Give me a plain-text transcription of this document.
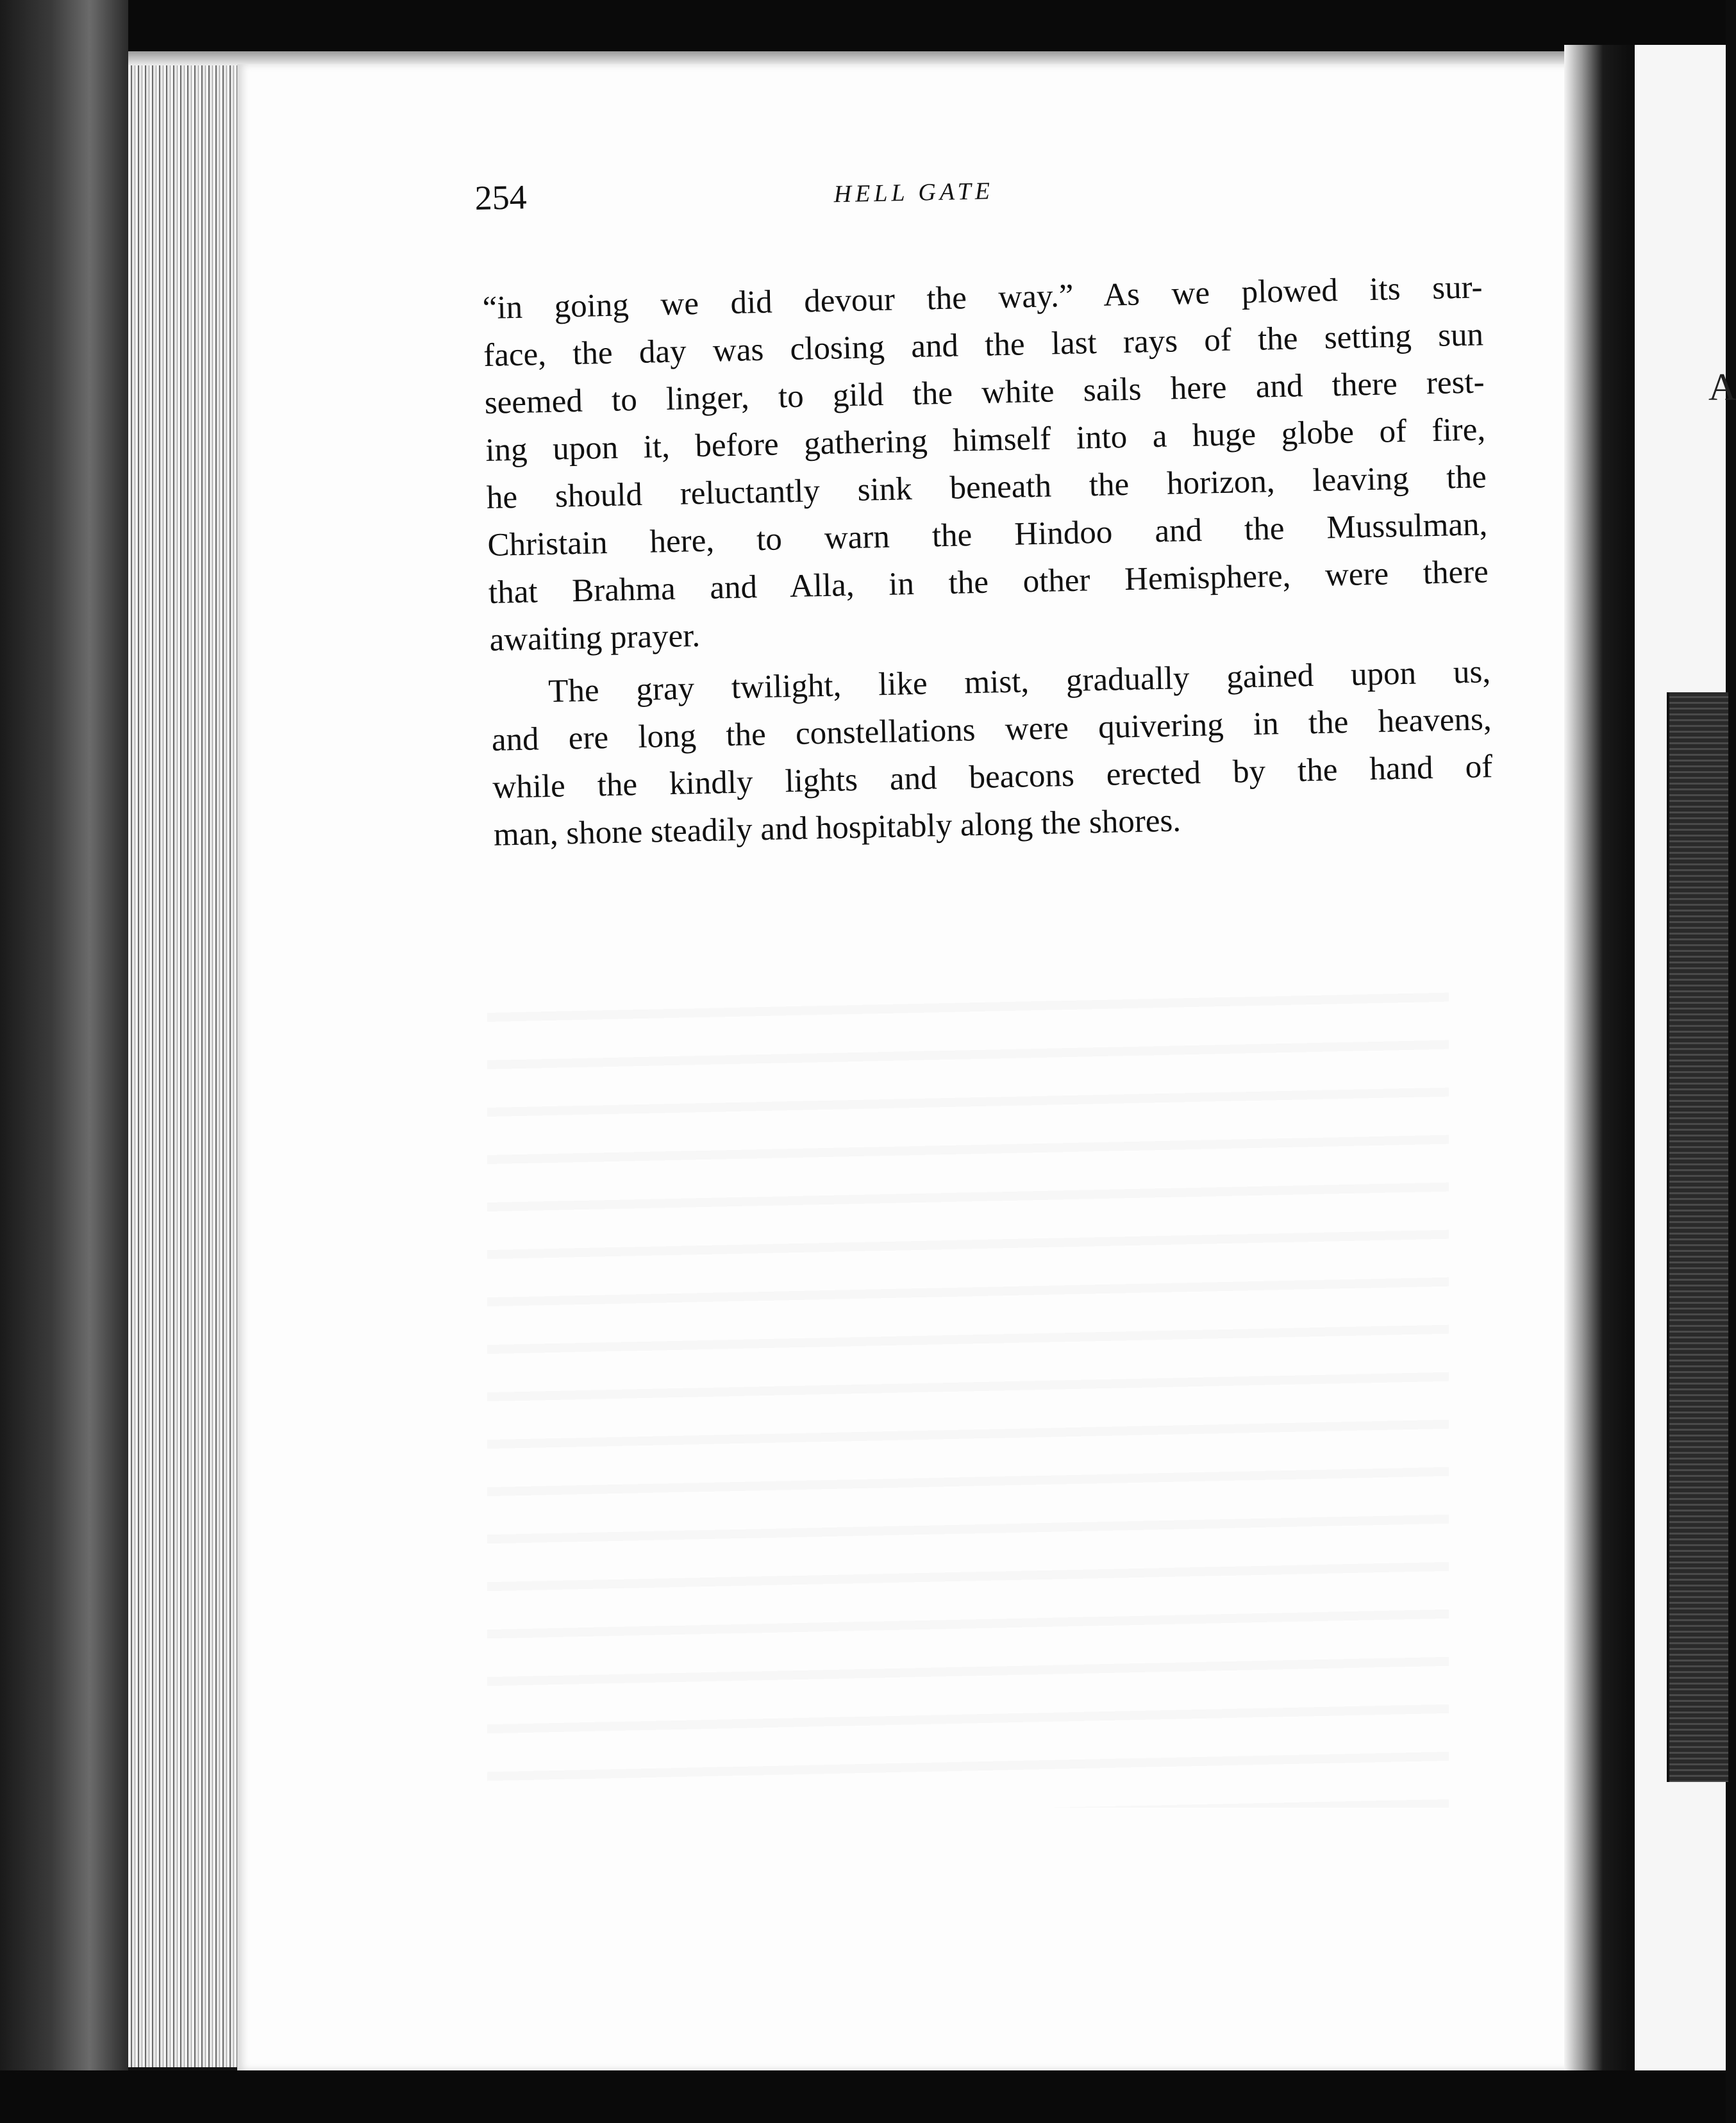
254	HELL GATE
“in going we did devour the way.” As we plowed its sur-
face, the day was closing and the last rays of the setting sun
seemed to linger, to gild the white sails here and there rest-
ing upon it, before gathering himself into a huge globe of fire,
he should reluctantly sink beneath the horizon, leaving the
Christain here, to warn the Hindoo and the Mussulman,
that Brahma and Alla, in the other Hemisphere, were there
awaiting prayer.
The gray twilight, like mist, gradually gained upon us,
and ere long the constellations were quivering in the heavens,
while the kindly lights and beacons erected by the hand of
man, shone steadily and hospitably along the shores.
A
